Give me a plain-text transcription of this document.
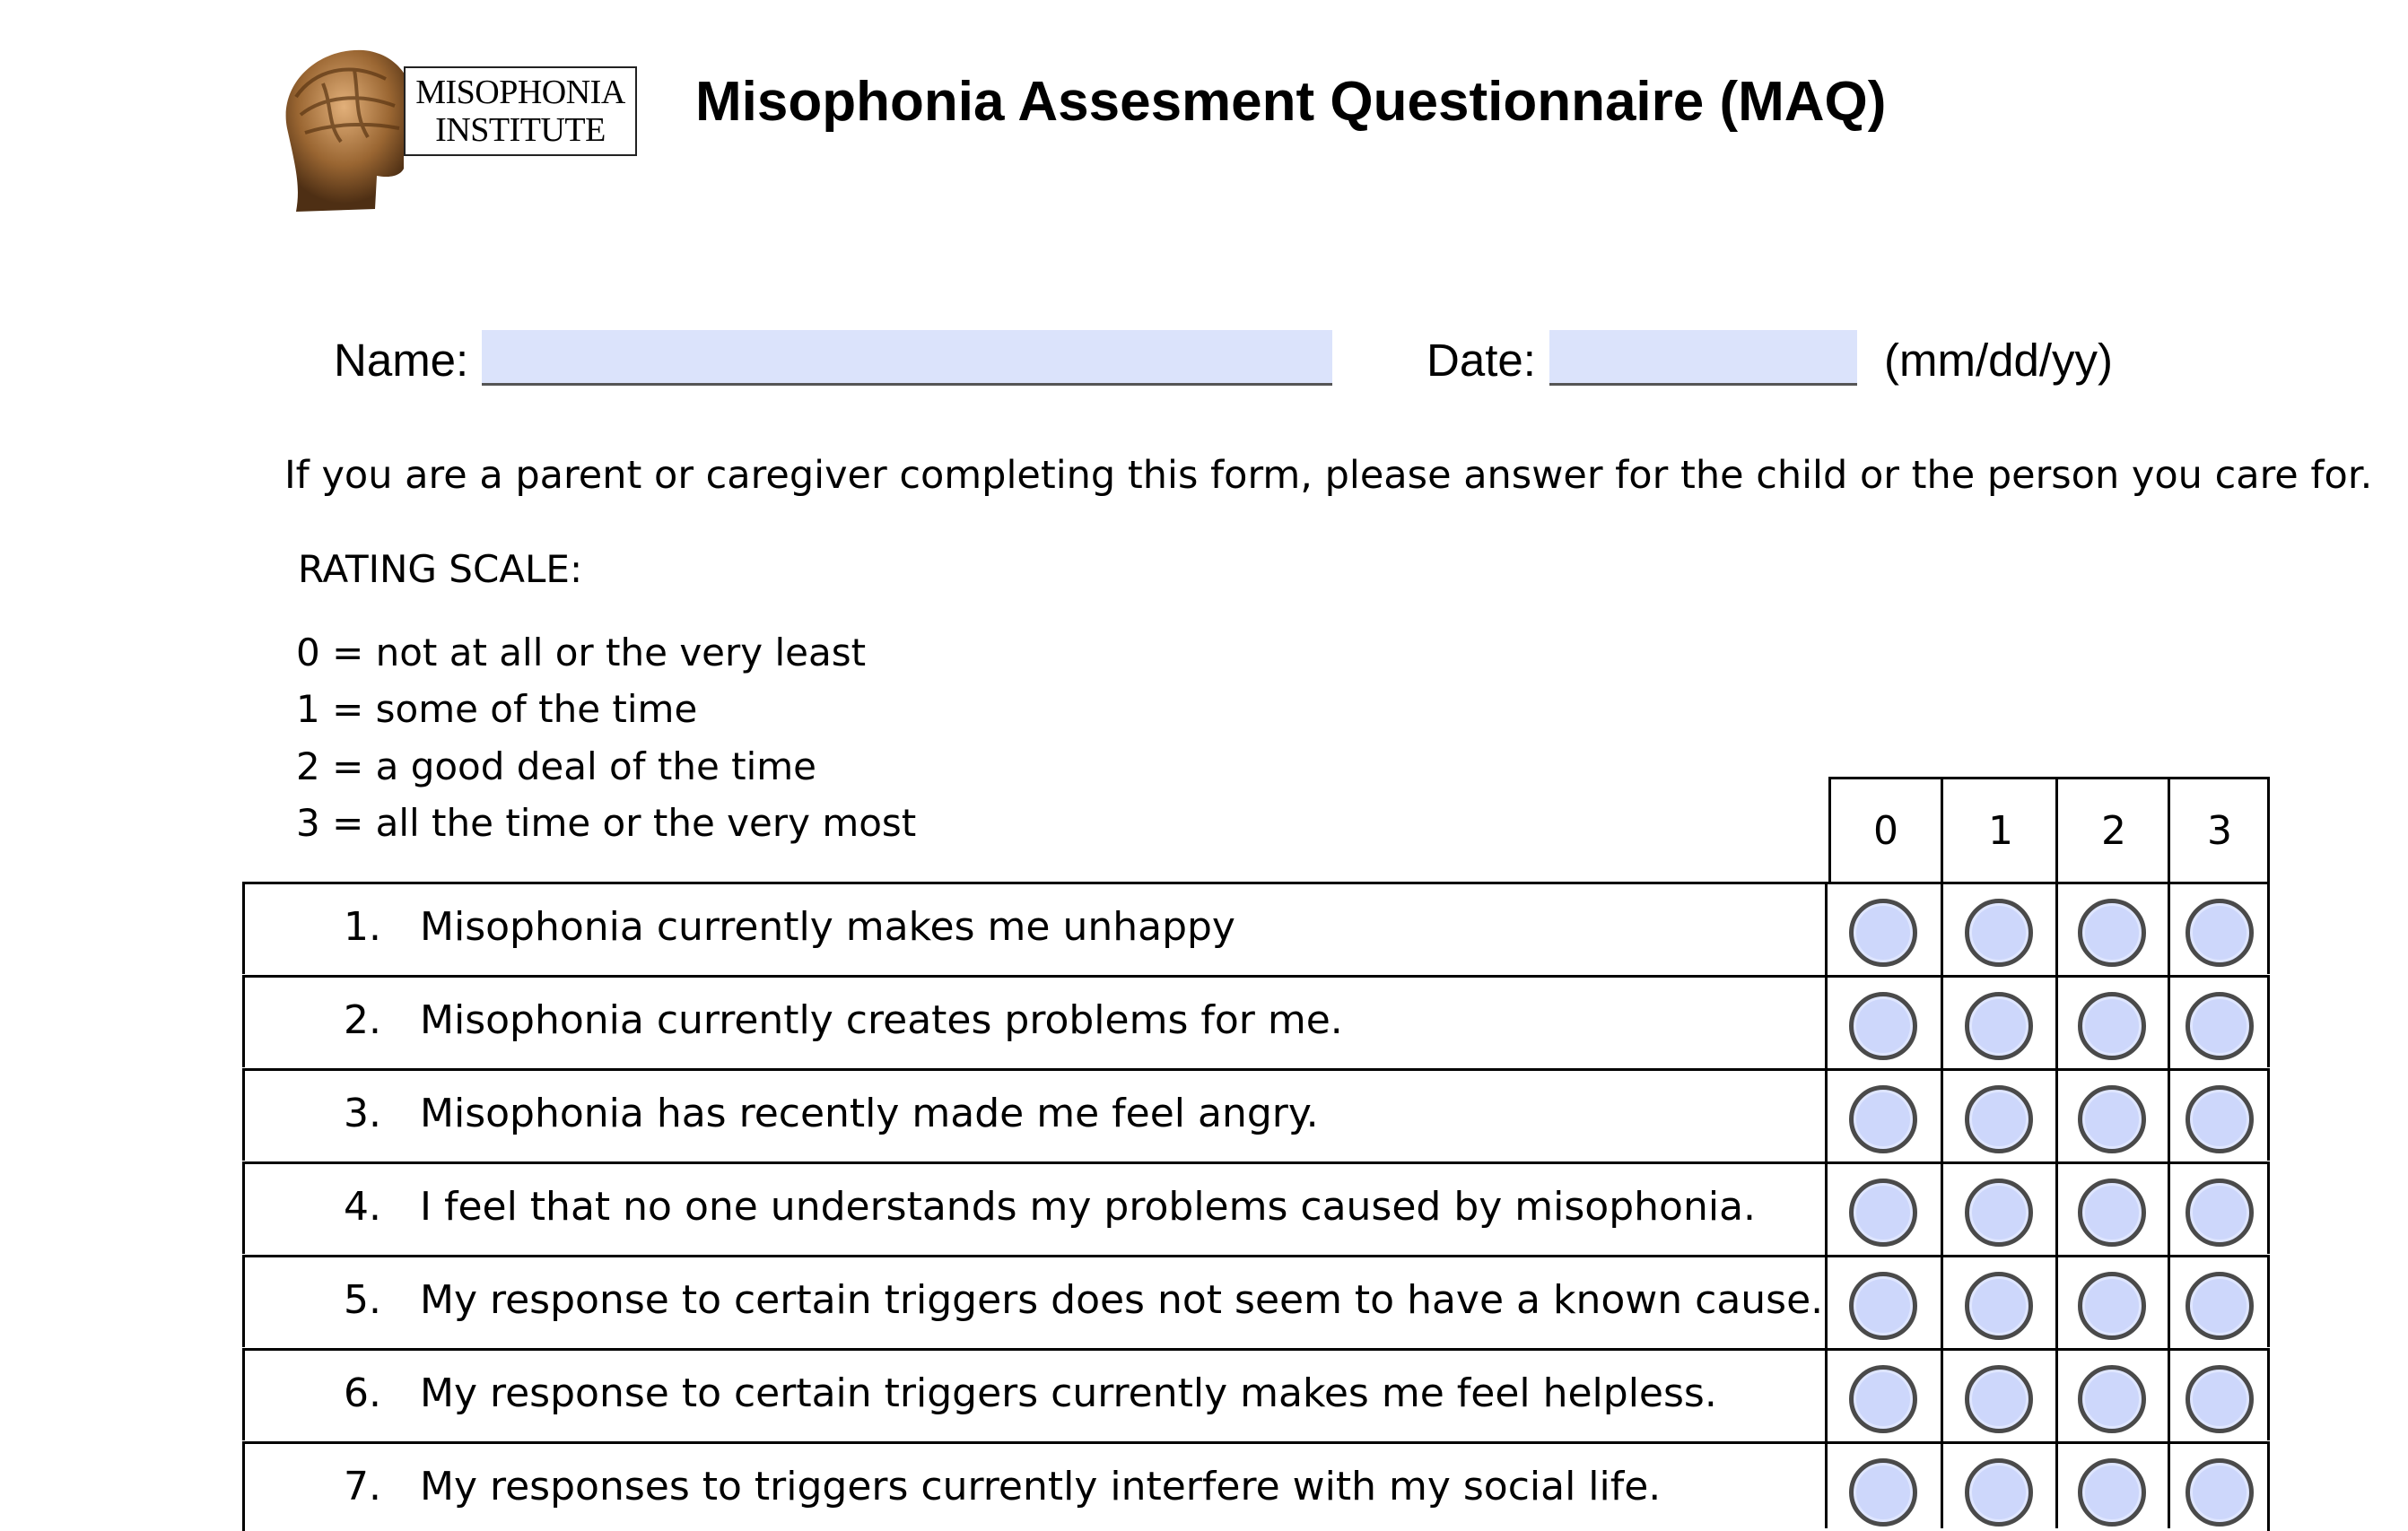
MISOPHONIA
INSTITUTE	Misophonia Assesment Questionnaire (MAQ)
Name:	Date:	(mm/dd/yy)
If you are a parent or caregiver completing this form, please answer for the child or the person you care for.
RATING SCALE:
0 = not at all or the very least
1 = some of the time
2 = a good deal of the time
3 = all the time or the very most	0	1	2	3
1. Misophonia currently makes me unhappy
2. Misophonia currently creates problems for me.
3. Misophonia has recently made me feel angry.
4. I feel that no one understands my problems caused by misophonia.
5. My response to certain triggers does not seem to have a known cause.
6. My response to certain triggers currently makes me feel helpless.
7. My responses to triggers currently interfere with my social life.
